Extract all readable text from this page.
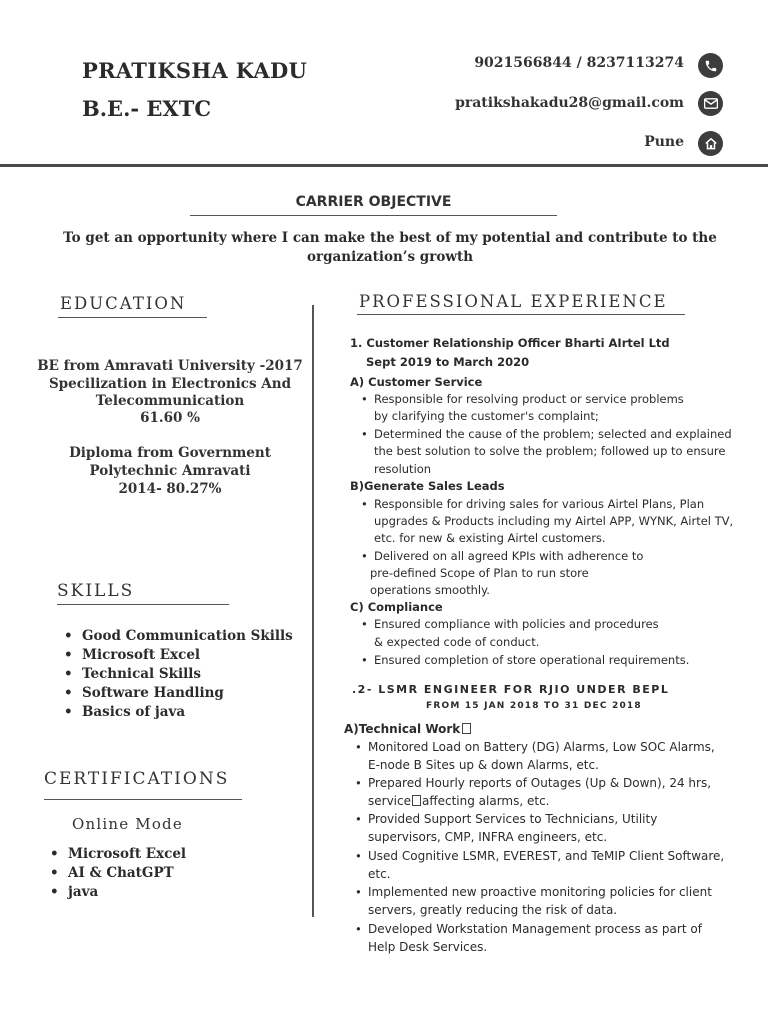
PRATIKSHA KADU
B.E.- EXTC
9021566844 / 8237113274
pratikshakadu28@gmail.com
Pune
CARRIER OBJECTIVE
To get an opportunity where I can make the best of my potential and contribute to the
organization’s growth
EDUCATION
BE from Amravati University -2017
Specilization in Electronics And
Telecommunication
61.60 %
Diploma from Government
Polytechnic Amravati
2014- 80.27%
SKILLS
• Good Communication Skills
• Microsoft Excel
• Technical Skills
• Software Handling
• Basics of java
CERTIFICATIONS
Online Mode
• Microsoft Excel
• AI & ChatGPT
• java
PROFESSIONAL EXPERIENCE
1. Customer Relationship Officer Bharti AIrtel Ltd
Sept 2019 to March 2020
A) Customer Service
• Responsible for resolving product or service problems
by clarifying the customer's complaint;
• Determined the cause of the problem; selected and explained
the best solution to solve the problem; followed up to ensure
resolution
B)Generate Sales Leads
• Responsible for driving sales for various Airtel Plans, Plan
upgrades & Products including my Airtel APP, WYNK, Airtel TV,
etc. for new & existing Airtel customers.
• Delivered on all agreed KPIs with adherence to
pre-defined Scope of Plan to run store
operations smoothly.
C) Compliance
• Ensured compliance with policies and procedures
& expected code of conduct.
• Ensured completion of store operational requirements.
.2- LSMR ENGINEER FOR RJIO UNDER BEPL
FROM 15 JAN 2018 TO 31 DEC 2018
A)Technical Work
• Monitored Load on Battery (DG) Alarms, Low SOC Alarms,
E-node B Sites up & down Alarms, etc.
• Prepared Hourly reports of Outages (Up & Down), 24 hrs,
service affecting alarms, etc.
• Provided Support Services to Technicians, Utility
supervisors, CMP, INFRA engineers, etc.
• Used Cognitive LSMR, EVEREST, and TeMIP Client Software,
etc.
• Implemented new proactive monitoring policies for client
servers, greatly reducing the risk of data.
• Developed Workstation Management process as part of
Help Desk Services.
